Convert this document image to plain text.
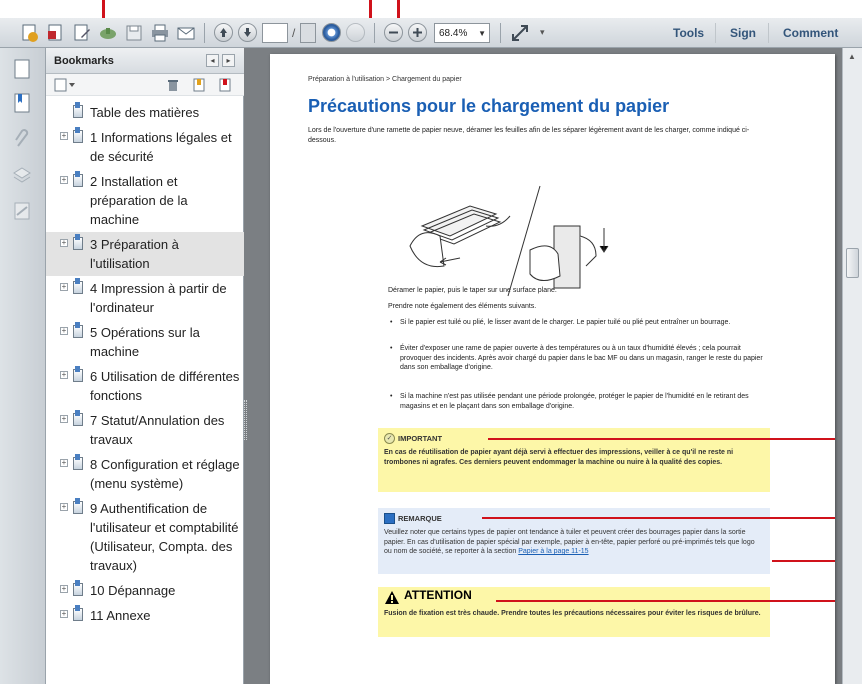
/	68.4% ▼	▾	Tools Sign Comment
Bookmarks	◂	▸
Table des matières
+ 1 Informations légales et de sécurité
+ 2 Installation et préparation de la machine
+ 3 Préparation à l'utilisation
+ 4 Impression à partir de l'ordinateur
+ 5 Opérations sur la machine
+ 6 Utilisation de différentes fonctions
+ 7 Statut/Annulation des travaux
+ 8 Configuration et réglage (menu système)
+ 9 Authentification de l'utilisateur et comptabilité (Utilisateur, Compta. des travaux)
+ 10 Dépannage
+ 11 Annexe
Préparation à l'utilisation > Chargement du papier
Précautions pour le chargement du papier
Lors de l'ouverture d'une ramette de papier neuve, déramer les feuilles afin de les séparer légèrement avant de les charger, comme indiqué ci-dessous.
Déramer le papier, puis le taper sur une surface plane.
Prendre note également des éléments suivants.
• Si le papier est tuilé ou plié, le lisser avant de le charger. Le papier tuilé ou plié peut entraîner un bourrage.
• Éviter d'exposer une rame de papier ouverte à des températures ou à un taux d'humidité élevés ; cela pourrait provoquer des incidents. Après avoir chargé du papier dans le bac MF ou dans un magasin, ranger le reste du papier dans son emballage d'origine.
• Si la machine n'est pas utilisée pendant une période prolongée, protéger le papier de l'humidité en le retirant des magasins et en le plaçant dans son emballage d'origine.
✓ IMPORTANT
En cas de réutilisation de papier ayant déjà servi à effectuer des impressions, veiller à ce qu'il ne reste ni trombones ni agrafes. Ces derniers peuvent endommager la machine ou nuire à la qualité des copies.
REMARQUE
Veuillez noter que certains types de papier ont tendance à tuiler et peuvent créer des bourrages papier dans la sortie papier. En cas d'utilisation de papier spécial par exemple, papier à en-tête, papier perforé ou pré-imprimés tels que logo ou nom de société, se reporter à la section Papier à la page 11-15
ATTENTION
Fusion de fixation est très chaude. Prendre toutes les précautions nécessaires pour éviter les risques de brûlure.
▲
